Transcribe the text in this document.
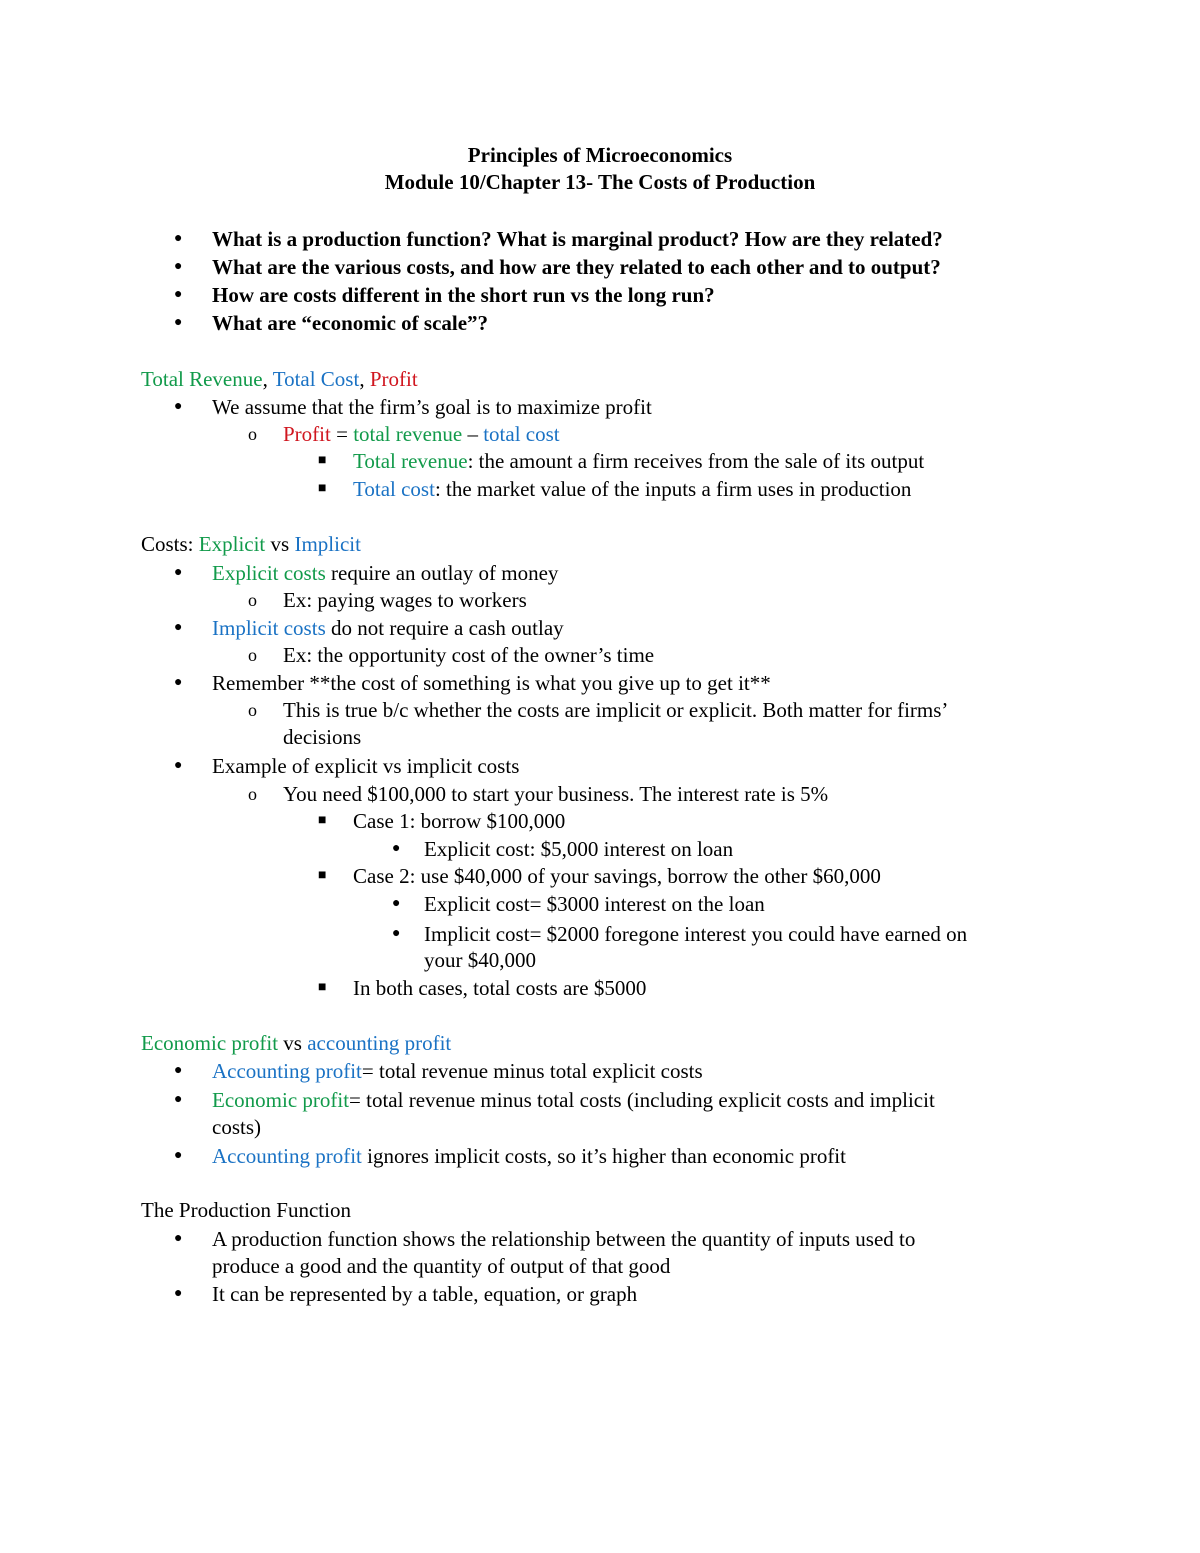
Principles of Microeconomics
Module 10/Chapter 13- The Costs of Production
● What is a production function? What is marginal product? How are they related?
● What are the various costs, and how are they related to each other and to output?
● How are costs different in the short run vs the long run?
● What are “economic of scale”?
Total Revenue, Total Cost, Profit
● We assume that the firm’s goal is to maximize profit
o Profit = total revenue – total cost
■ Total revenue: the amount a firm receives from the sale of its output
■ Total cost: the market value of the inputs a firm uses in production
Costs: Explicit vs Implicit
● Explicit costs require an outlay of money
o Ex: paying wages to workers
● Implicit costs do not require a cash outlay
o Ex: the opportunity cost of the owner’s time
● Remember **the cost of something is what you give up to get it**
o This is true b/c whether the costs are implicit or explicit. Both matter for firms’
decisions
● Example of explicit vs implicit costs
o You need $100,000 to start your business. The interest rate is 5%
■ Case 1: borrow $100,000
● Explicit cost: $5,000 interest on loan
■ Case 2: use $40,000 of your savings, borrow the other $60,000
● Explicit cost= $3000 interest on the loan
● Implicit cost= $2000 foregone interest you could have earned on
your $40,000
■ In both cases, total costs are $5000
Economic profit vs accounting profit
● Accounting profit= total revenue minus total explicit costs
● Economic profit= total revenue minus total costs (including explicit costs and implicit
costs)
● Accounting profit ignores implicit costs, so it’s higher than economic profit
The Production Function
● A production function shows the relationship between the quantity of inputs used to
produce a good and the quantity of output of that good
● It can be represented by a table, equation, or graph
